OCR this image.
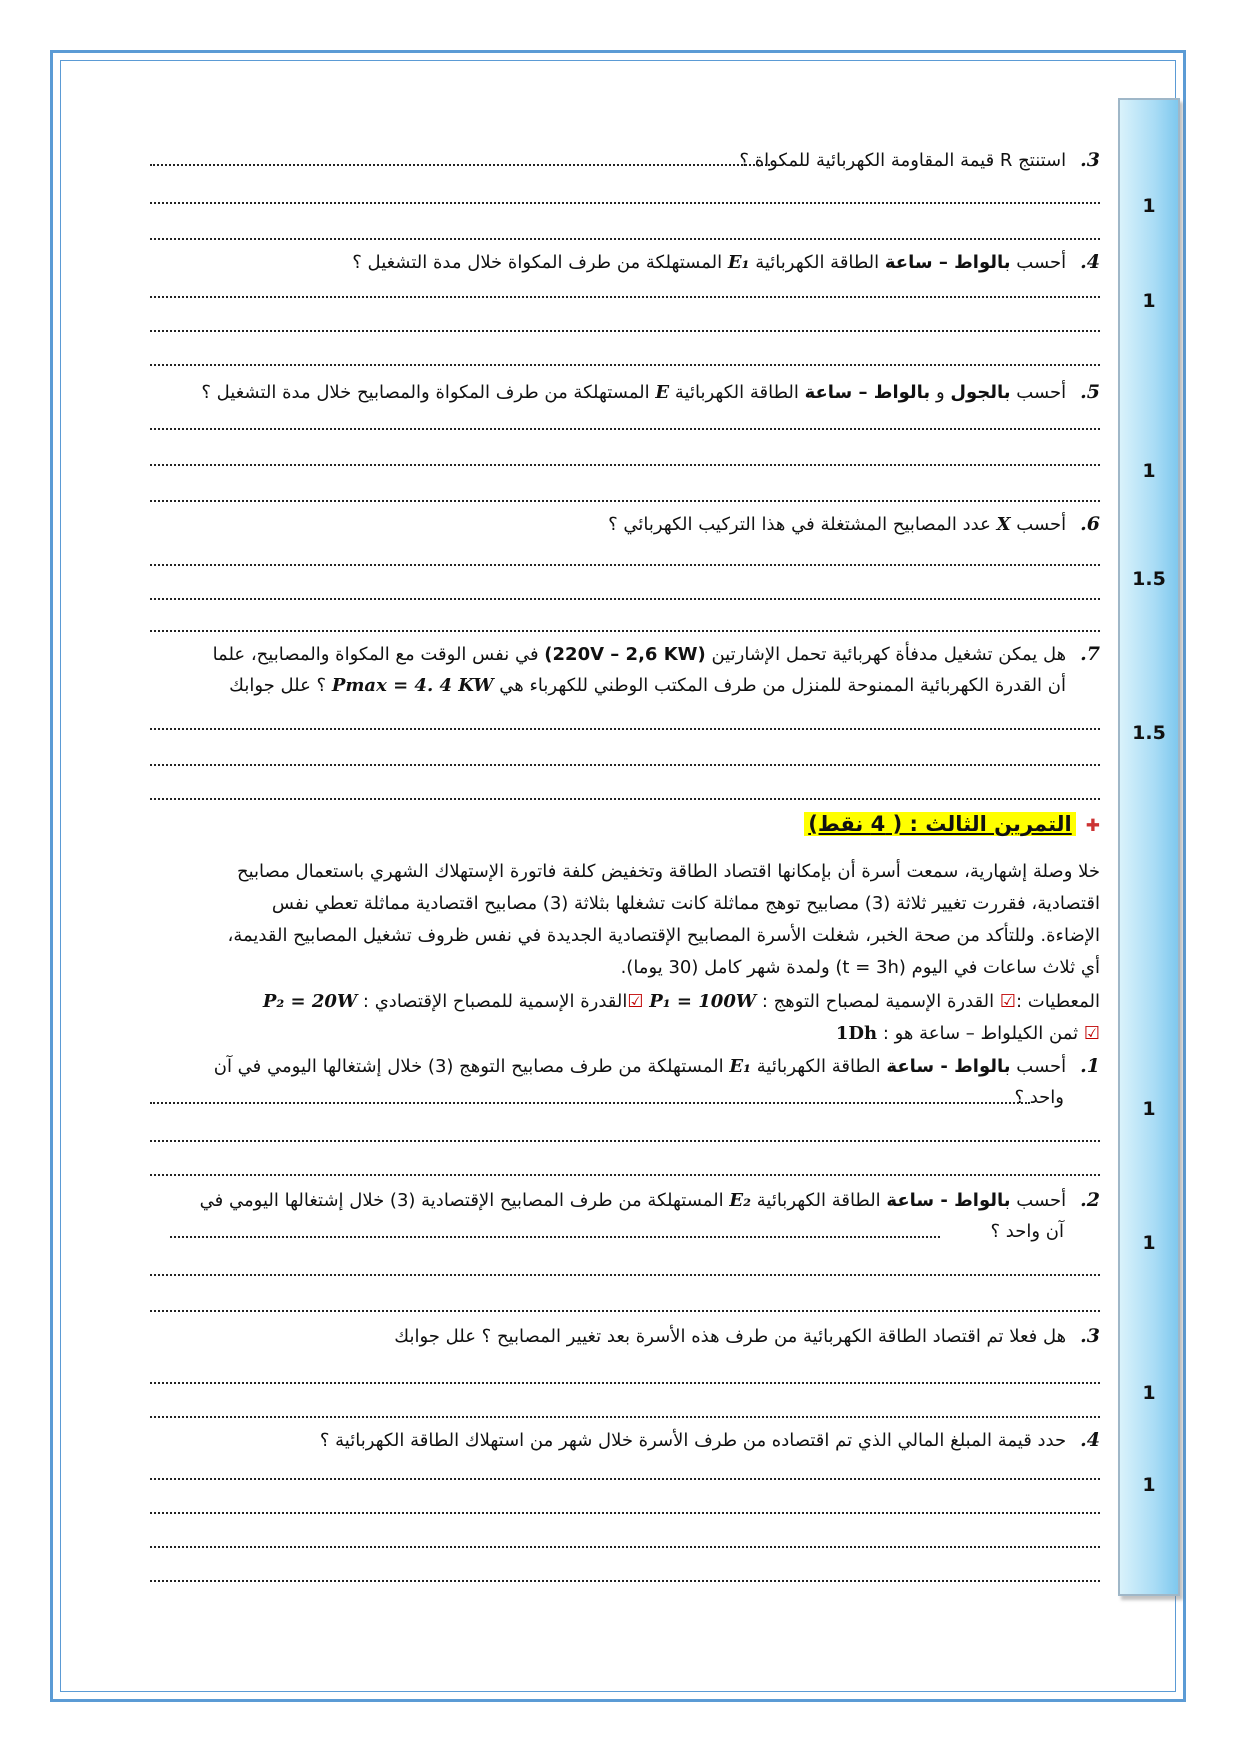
1
1
1
1.5
1.5
1
1
1
1
3.استنتج R قيمة المقاومة الكهربائية للمكواة ؟
4.أحسب بالواط – ساعة الطاقة الكهربائية E₁ المستهلكة من طرف المكواة خلال مدة التشغيل ؟
5.أحسب بالجول و بالواط – ساعة الطاقة الكهربائية E المستهلكة من طرف المكواة والمصابيح خلال مدة التشغيل ؟
6.أحسب X عدد المصابيح المشتغلة في هذا التركيب الكهربائي ؟
7.هل يمكن تشغيل مدفأة كهربائية تحمل الإشارتين (220V – 2,6 KW) في نفس الوقت مع المكواة والمصابيح، علما
أن القدرة الكهربائية الممنوحة للمنزل من طرف المكتب الوطني للكهرباء هي Pmax = 4. 4 KW ؟ علل جوابك
✚التمرين الثالث : ( 4 نقط)
خلا وصلة إشهارية، سمعت أسرة أن بإمكانها اقتصاد الطاقة وتخفيض كلفة فاتورة الإستهلاك الشهري باستعمال مصابيح
اقتصادية، فقررت تغيير ثلاثة (3) مصابيح توهج مماثلة كانت تشغلها بثلاثة (3) مصابيح اقتصادية مماثلة تعطي نفس
الإضاءة. وللتأكد من صحة الخبر، شغلت الأسرة المصابيح الإقتصادية الجديدة في نفس ظروف تشغيل المصابيح القديمة،
أي ثلاث ساعات في اليوم (t = 3h) ولمدة شهر كامل (30 يوما).
المعطيات :☑ القدرة الإسمية لمصباح التوهج : P₁ = 100W ☑القدرة الإسمية للمصباح الإقتصادي : P₂ = 20W
☑ ثمن الكيلواط – ساعة هو : 1Dh
1.أحسب بالواط - ساعة الطاقة الكهربائية E₁ المستهلكة من طرف مصابيح التوهج (3) خلال إشتغالها اليومي في آن
واحد ؟
2.أحسب بالواط - ساعة الطاقة الكهربائية E₂ المستهلكة من طرف المصابيح الإقتصادية (3) خلال إشتغالها اليومي في
آن واحد ؟
3.هل فعلا تم اقتصاد الطاقة الكهربائية من طرف هذه الأسرة بعد تغيير المصابيح ؟ علل جوابك
4.حدد قيمة المبلغ المالي الذي تم اقتصاده من طرف الأسرة خلال شهر من استهلاك الطاقة الكهربائية ؟
